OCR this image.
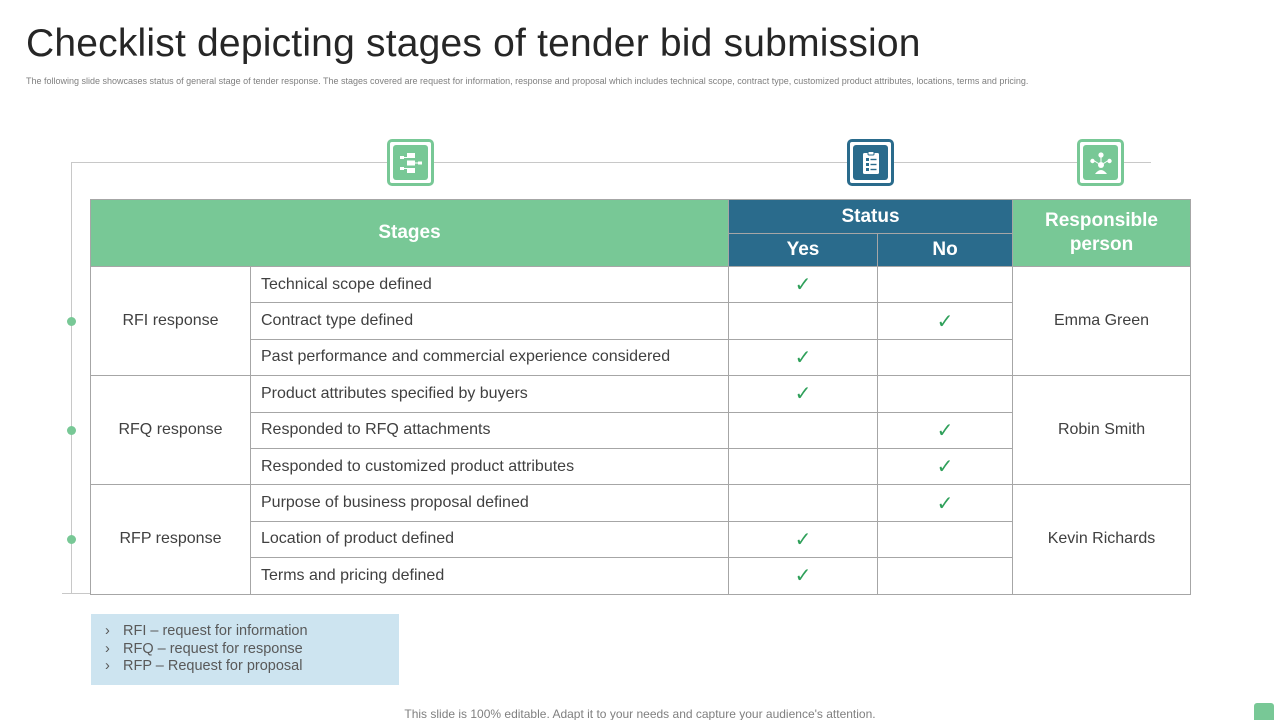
Checklist depicting stages of tender bid submission
The following slide showcases status of general stage of tender response. The stages covered are request for information, response and proposal which includes technical scope, contract type, customized product attributes, locations, terms and pricing.
Stages		Status		Responsible person
		Yes	No	
RFI response	Technical scope defined	✓		Emma Green
	Contract type defined		✓	
	Past performance and commercial experience considered	✓		
RFQ response	Product attributes specified by buyers	✓		Robin Smith
	Responded to RFQ attachments		✓	
	Responded to customized product attributes		✓	
RFP response	Purpose of business proposal defined		✓	Kevin Richards
	Location of product defined	✓		
	Terms and pricing defined	✓		
› RFI – request for information
› RFQ – request for response
› RFP – Request for proposal
This slide is 100% editable. Adapt it to your needs and capture your audience's attention.
